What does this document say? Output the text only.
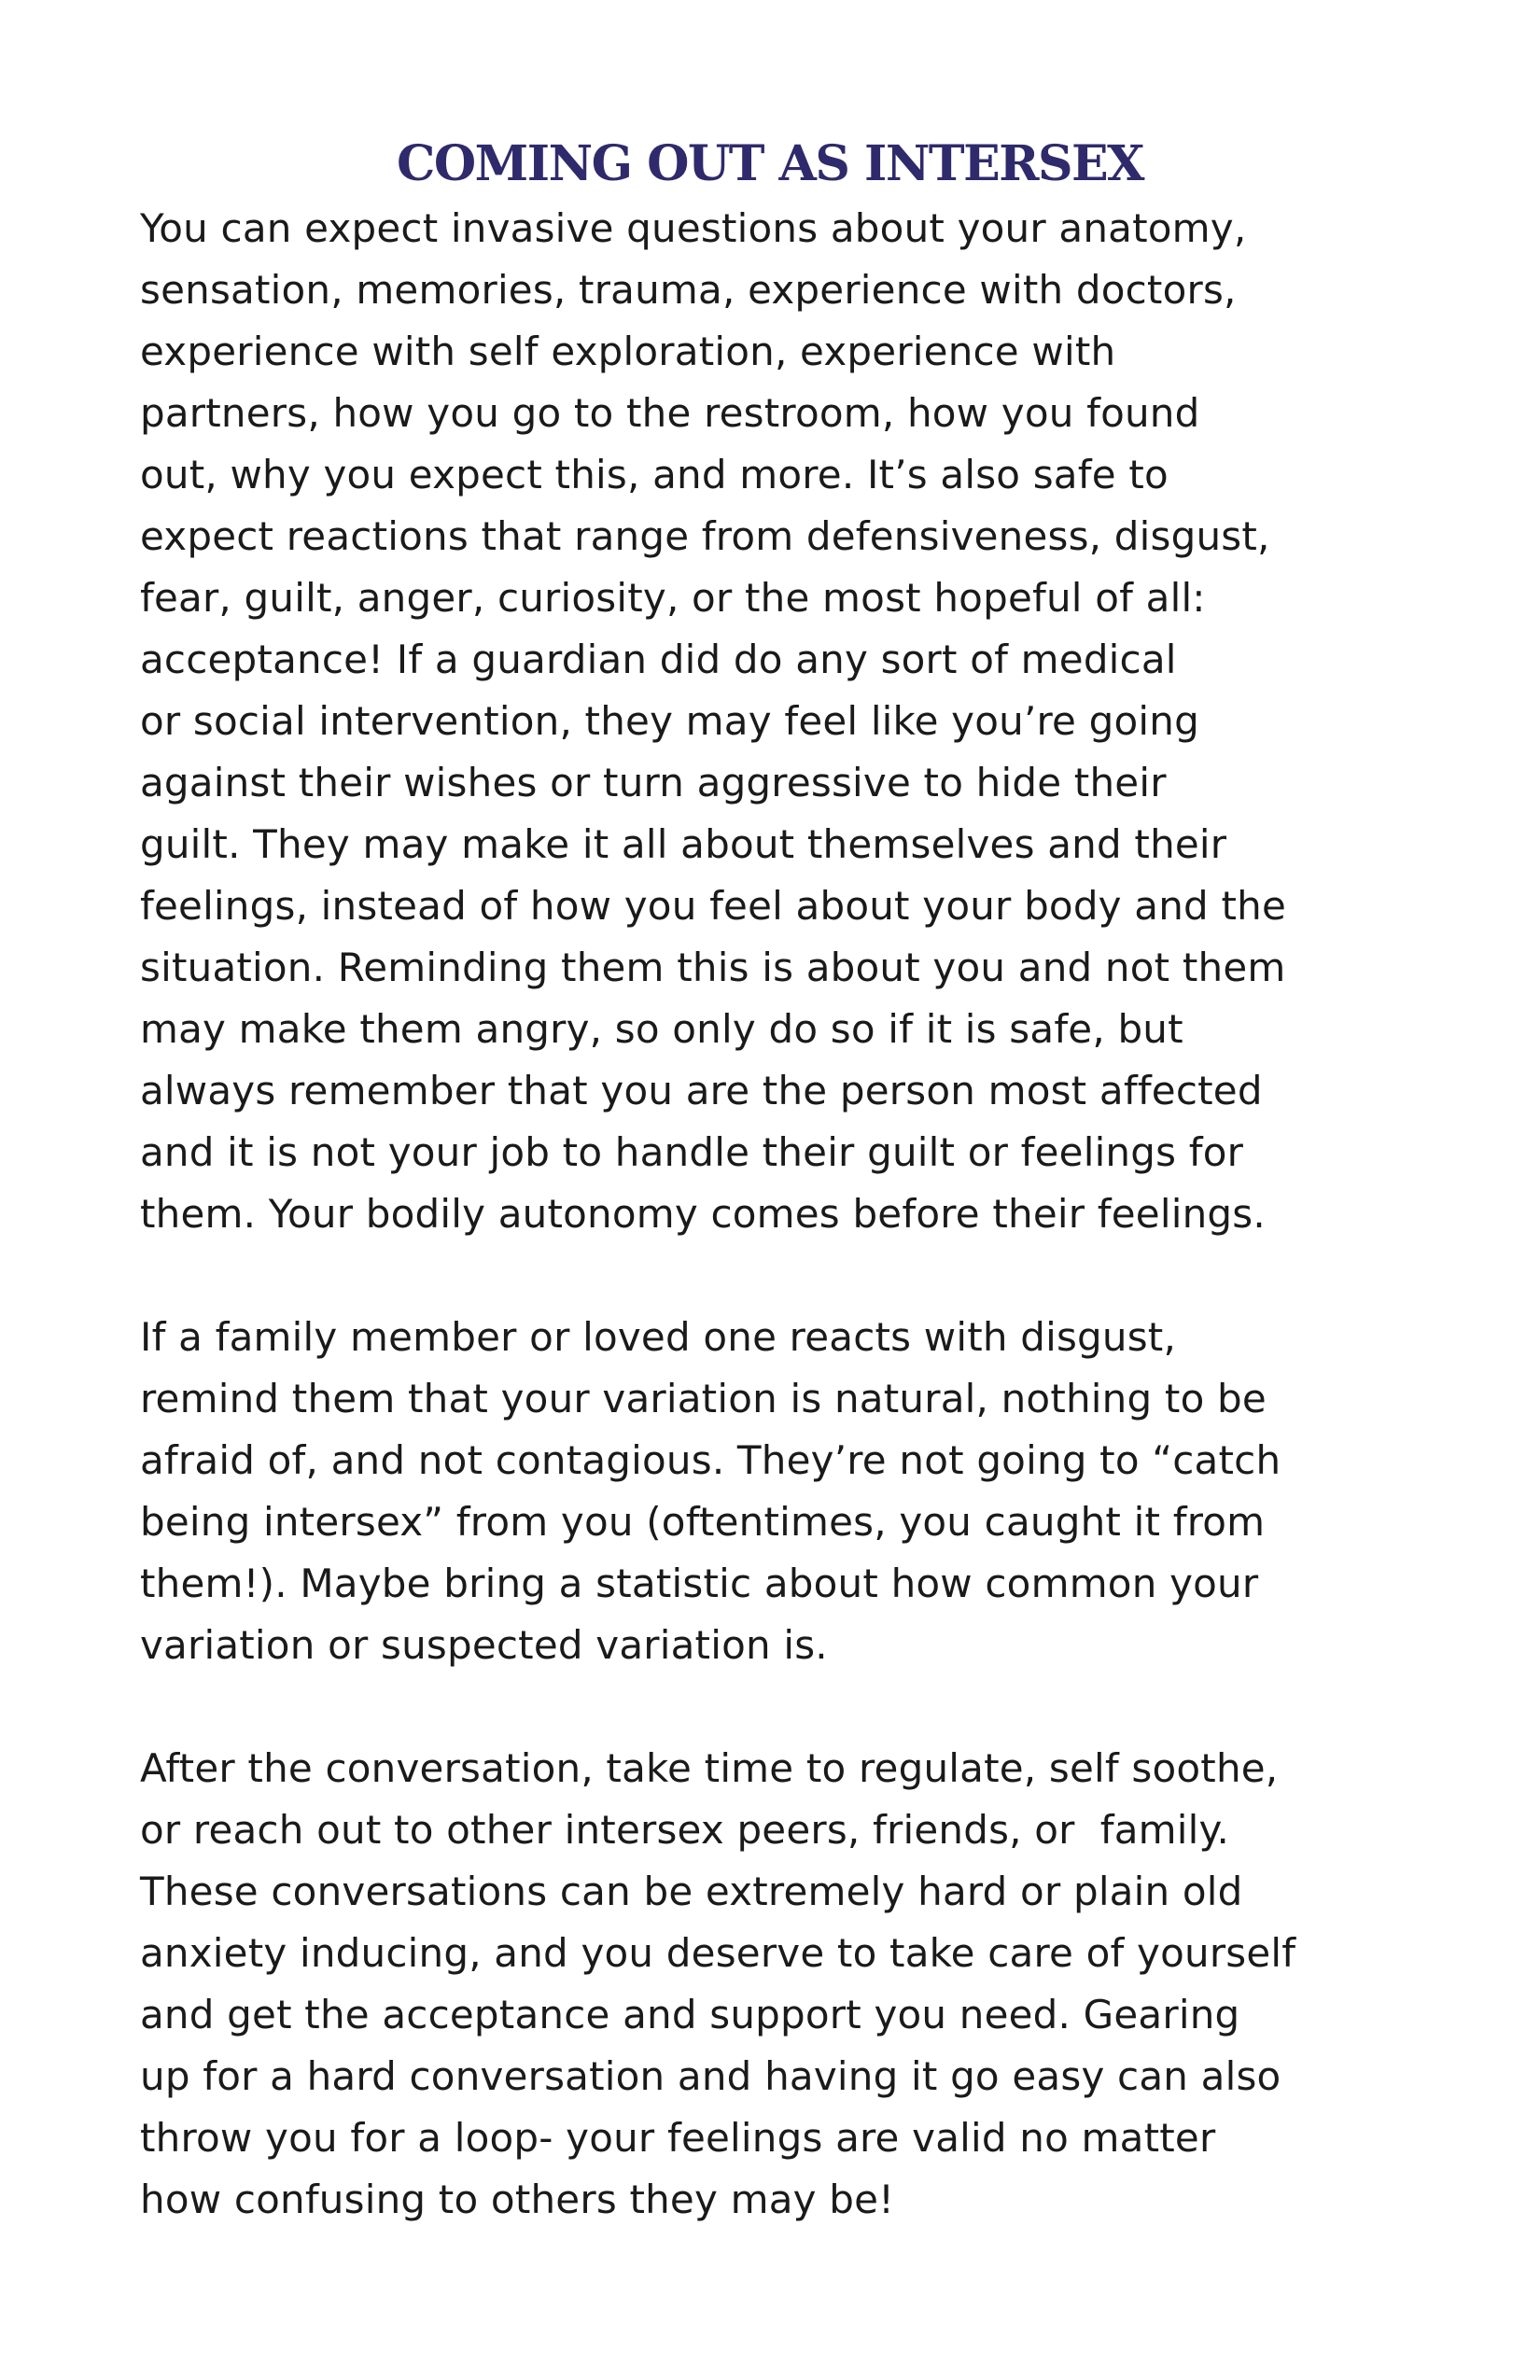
COMING OUT AS INTERSEX

You can expect invasive questions about your anatomy,
sensation, memories, trauma, experience with doctors,
experience with self exploration, experience with
partners, how you go to the restroom, how you found
out, why you expect this, and more. It’s also safe to
expect reactions that range from defensiveness, disgust,
fear, guilt, anger, curiosity, or the most hopeful of all:
acceptance! If a guardian did do any sort of medical
or social intervention, they may feel like you’re going
against their wishes or turn aggressive to hide their
guilt. They may make it all about themselves and their
feelings, instead of how you feel about your body and the
situation. Reminding them this is about you and not them
may make them angry, so only do so if it is safe, but
always remember that you are the person most affected
and it is not your job to handle their guilt or feelings for
them. Your bodily autonomy comes before their feelings.

If a family member or loved one reacts with disgust,
remind them that your variation is natural, nothing to be
afraid of, and not contagious. They’re not going to “catch
being intersex” from you (oftentimes, you caught it from
them!). Maybe bring a statistic about how common your
variation or suspected variation is.

After the conversation, take time to regulate, self soothe,
or reach out to other intersex peers, friends, or  family.
These conversations can be extremely hard or plain old
anxiety inducing, and you deserve to take care of yourself
and get the acceptance and support you need. Gearing
up for a hard conversation and having it go easy can also
throw you for a loop- your feelings are valid no matter
how confusing to others they may be!
